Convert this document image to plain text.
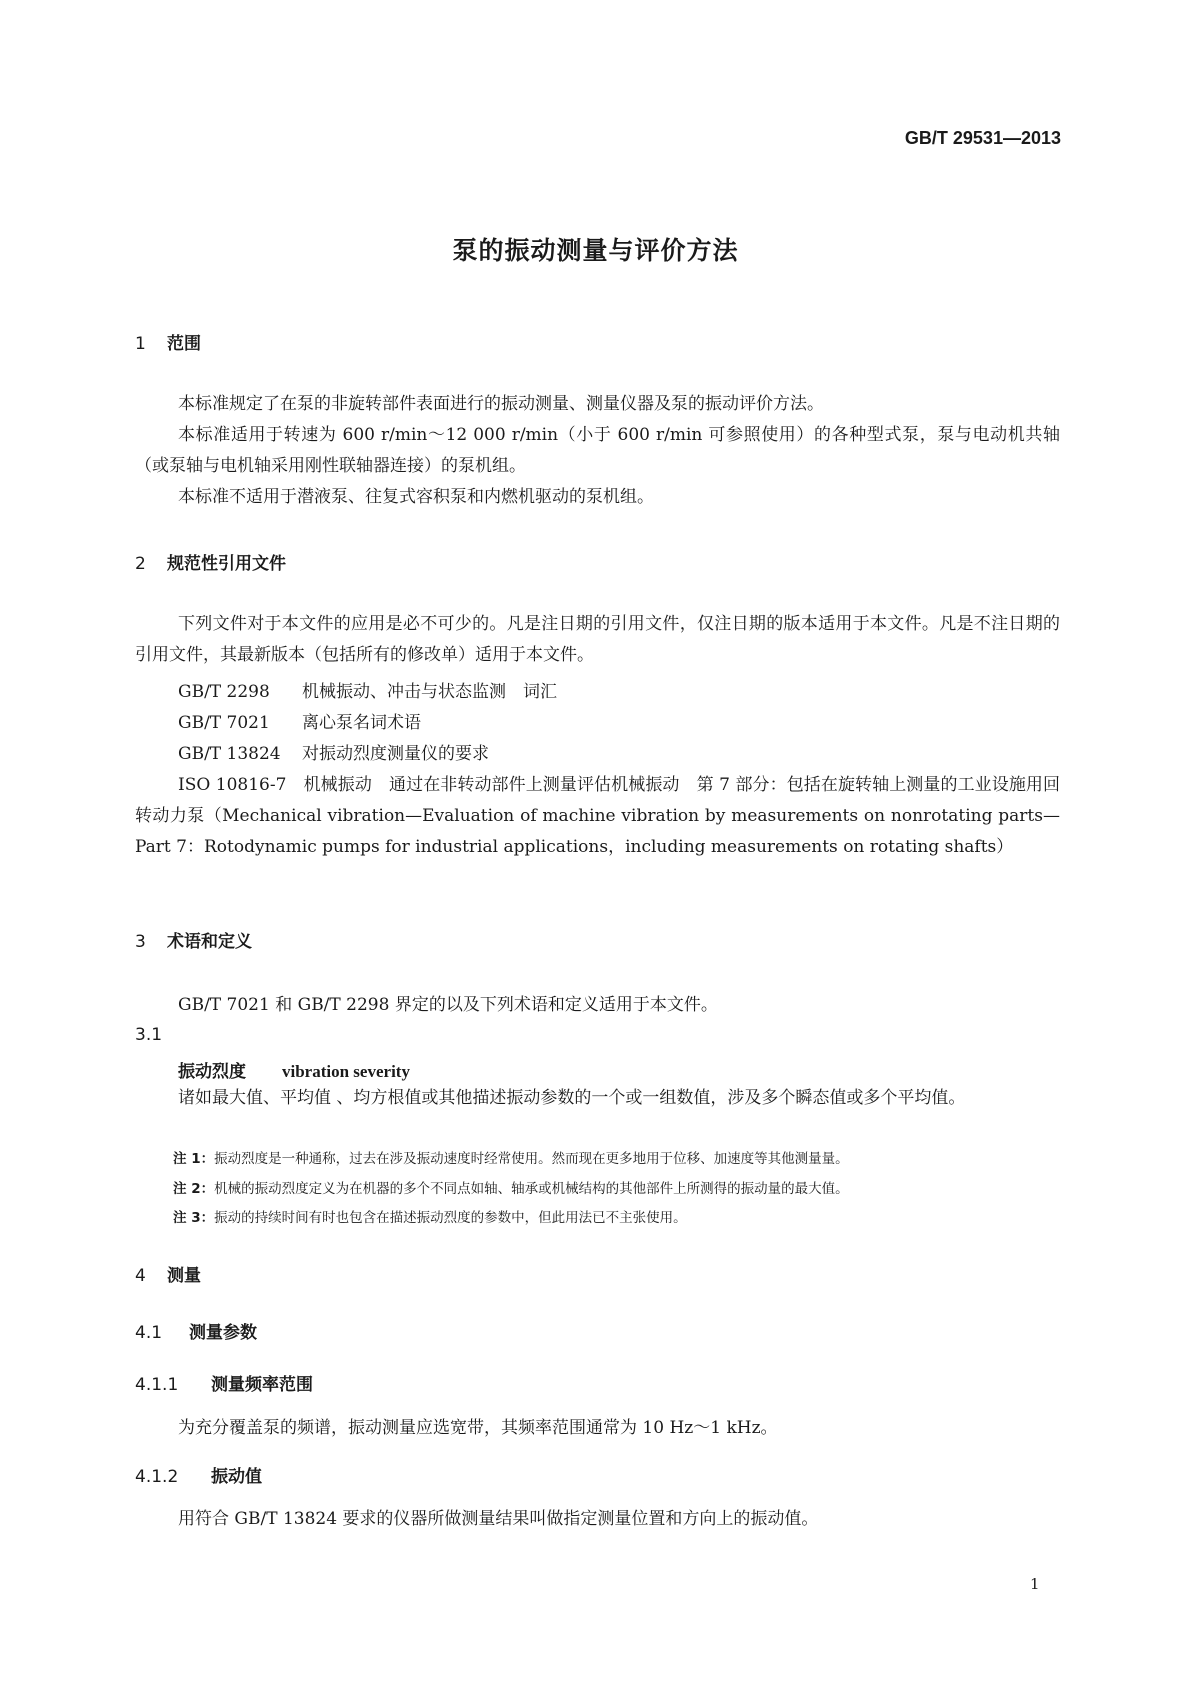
GB/T 29531—2013
泵的振动测量与评价方法
1 范围
本标准规定了在泵的非旋转部件表面进行的振动测量、测量仪器及泵的振动评价方法。
本标准适用于转速为 600 r/min～12 000 r/min（小于 600 r/min 可参照使用）的各种型式泵，泵与电动机共轴（或泵轴与电机轴采用刚性联轴器连接）的泵机组。
本标准不适用于潜液泵、往复式容积泵和内燃机驱动的泵机组。
2 规范性引用文件
下列文件对于本文件的应用是必不可少的。凡是注日期的引用文件，仅注日期的版本适用于本文件。凡是不注日期的引用文件，其最新版本（包括所有的修改单）适用于本文件。
GB/T 2298 机械振动、冲击与状态监测　词汇
GB/T 7021 离心泵名词术语
GB/T 13824 对振动烈度测量仪的要求
ISO 10816-7　机械振动　通过在非转动部件上测量评估机械振动　第 7 部分：包括在旋转轴上测量的工业设施用回转动力泵（Mechanical vibration—Evaluation of machine vibration by measurements on nonrotating parts—Part 7：Rotodynamic pumps for industrial applications，including measurements on rotating shafts）
3 术语和定义
GB/T 7021 和 GB/T 2298 界定的以及下列术语和定义适用于本文件。
3.1
振动烈度 vibration severity
诸如最大值、平均值 、均方根值或其他描述振动参数的一个或一组数值，涉及多个瞬态值或多个平均值。
注 1：振动烈度是一种通称，过去在涉及振动速度时经常使用。然而现在更多地用于位移、加速度等其他测量量。
注 2：机械的振动烈度定义为在机器的多个不同点如轴、轴承或机械结构的其他部件上所测得的振动量的最大值。
注 3：振动的持续时间有时也包含在描述振动烈度的参数中，但此用法已不主张使用。
4 测量
4.1 测量参数
4.1.1 测量频率范围
为充分覆盖泵的频谱，振动测量应选宽带，其频率范围通常为 10 Hz～1 kHz。
4.1.2 振动值
用符合 GB/T 13824 要求的仪器所做测量结果叫做指定测量位置和方向上的振动值。
1
